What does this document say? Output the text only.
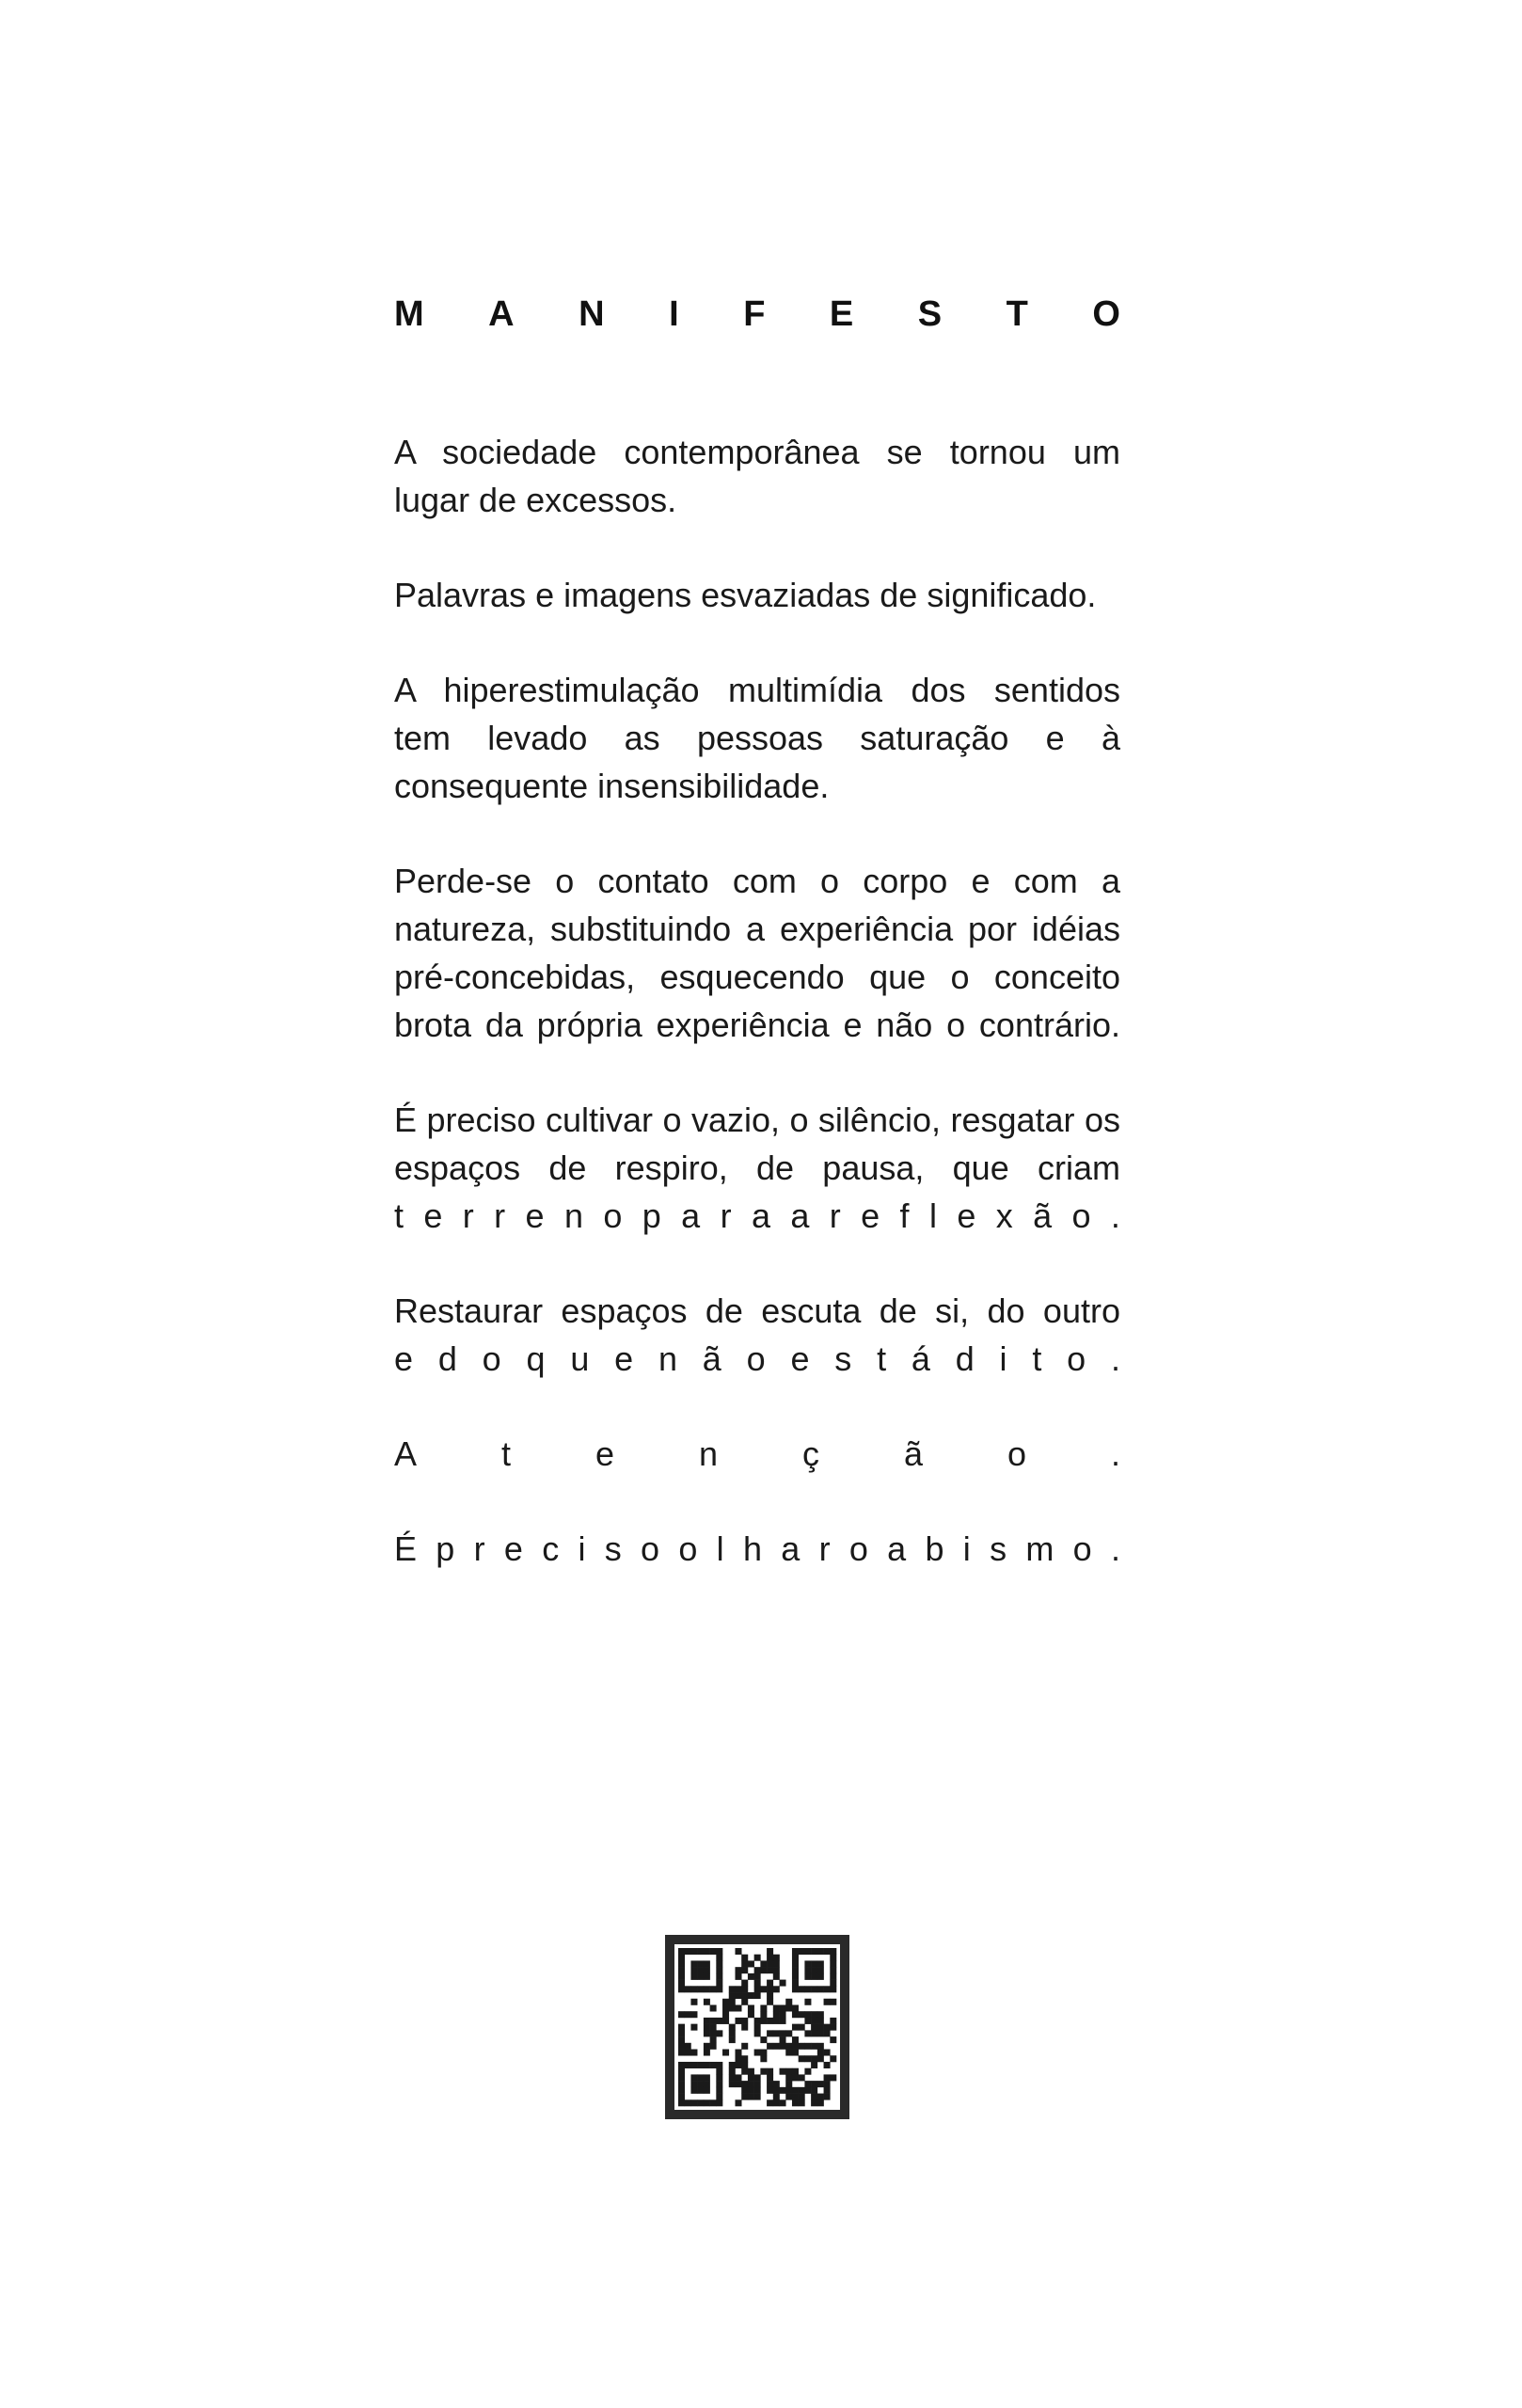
M A N I F E S T O
A sociedade contemporânea se tornou um
lugar de excessos.
Palavras e imagens esvaziadas de significado.
A hiperestimulação multimídia dos sentidos
tem levado as pessoas saturação e à
consequente insensibilidade.
Perde-se o contato com o corpo e com a
natureza, substituindo a experiência por idéias
pré-concebidas, esquecendo que o conceito
brota da própria experiência e não o contrário.
É preciso cultivar o vazio, o silêncio, resgatar os
espaços de respiro, de pausa, que criam
t e r r e n o p a r a a r e f l e x ã o .
Restaurar espaços de escuta de si, do outro
e d o q u e n ã o e s t á d i t o .
A t e n ç ã o .
É p r e c i s o o l h a r o a b i s m o .
